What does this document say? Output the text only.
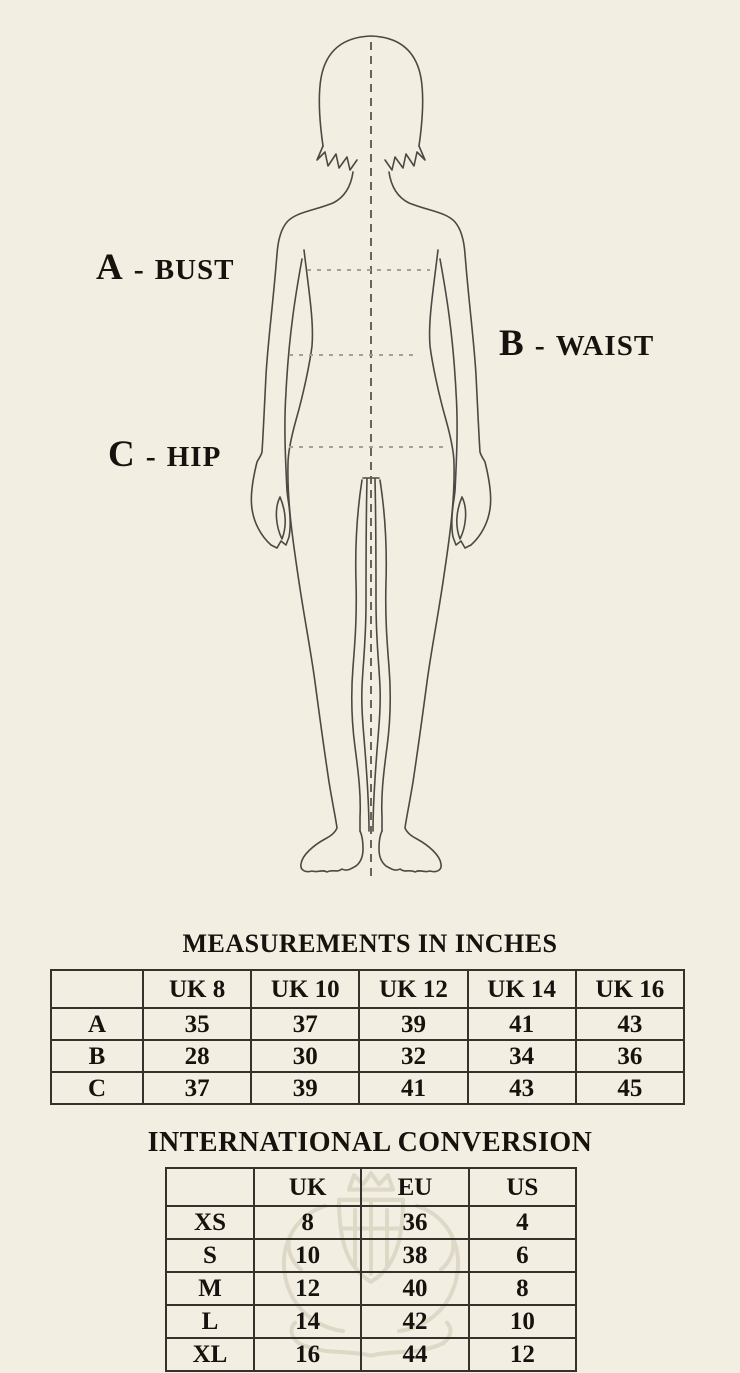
A - BUST
B - WAIST
C - HIP
MEASUREMENTS IN INCHES
	UK 8	UK 10	UK 12	UK 14	UK 16
A	35	37	39	41	43
B	28	30	32	34	36
C	37	39	41	43	45
INTERNATIONAL CONVERSION
	UK	EU	US
XS	8	36	4
S	10	38	6
M	12	40	8
L	14	42	10
XL	16	44	12
